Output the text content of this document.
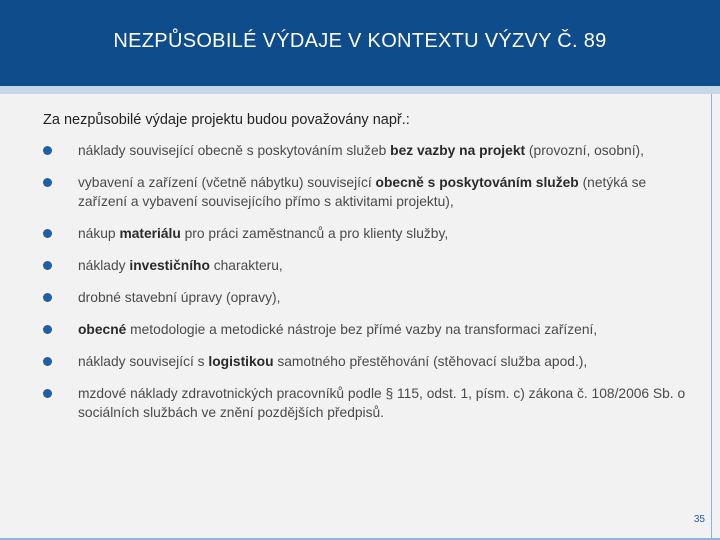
NEZPŮSOBILÉ VÝDAJE V KONTEXTU VÝZVY Č. 89

Za nezpůsobilé výdaje projektu budou považovány např.:

náklady související obecně s poskytováním služeb bez vazby na projekt (provozní, osobní),
vybavení a zařízení (včetně nábytku) související obecně s poskytováním služeb (netýká se zařízení a vybavení souvisejícího přímo s aktivitami projektu),
nákup materiálu pro práci zaměstnanců a pro klienty služby,
náklady investičního charakteru,
drobné stavební úpravy (opravy),
obecné metodologie a metodické nástroje bez přímé vazby na transformaci zařízení,
náklady související s logistikou samotného přestěhování (stěhovací služba apod.),
mzdové náklady zdravotnických pracovníků podle § 115, odst. 1, písm. c) zákona č. 108/2006 Sb. o sociálních službách ve znění pozdějších předpisů.
35
